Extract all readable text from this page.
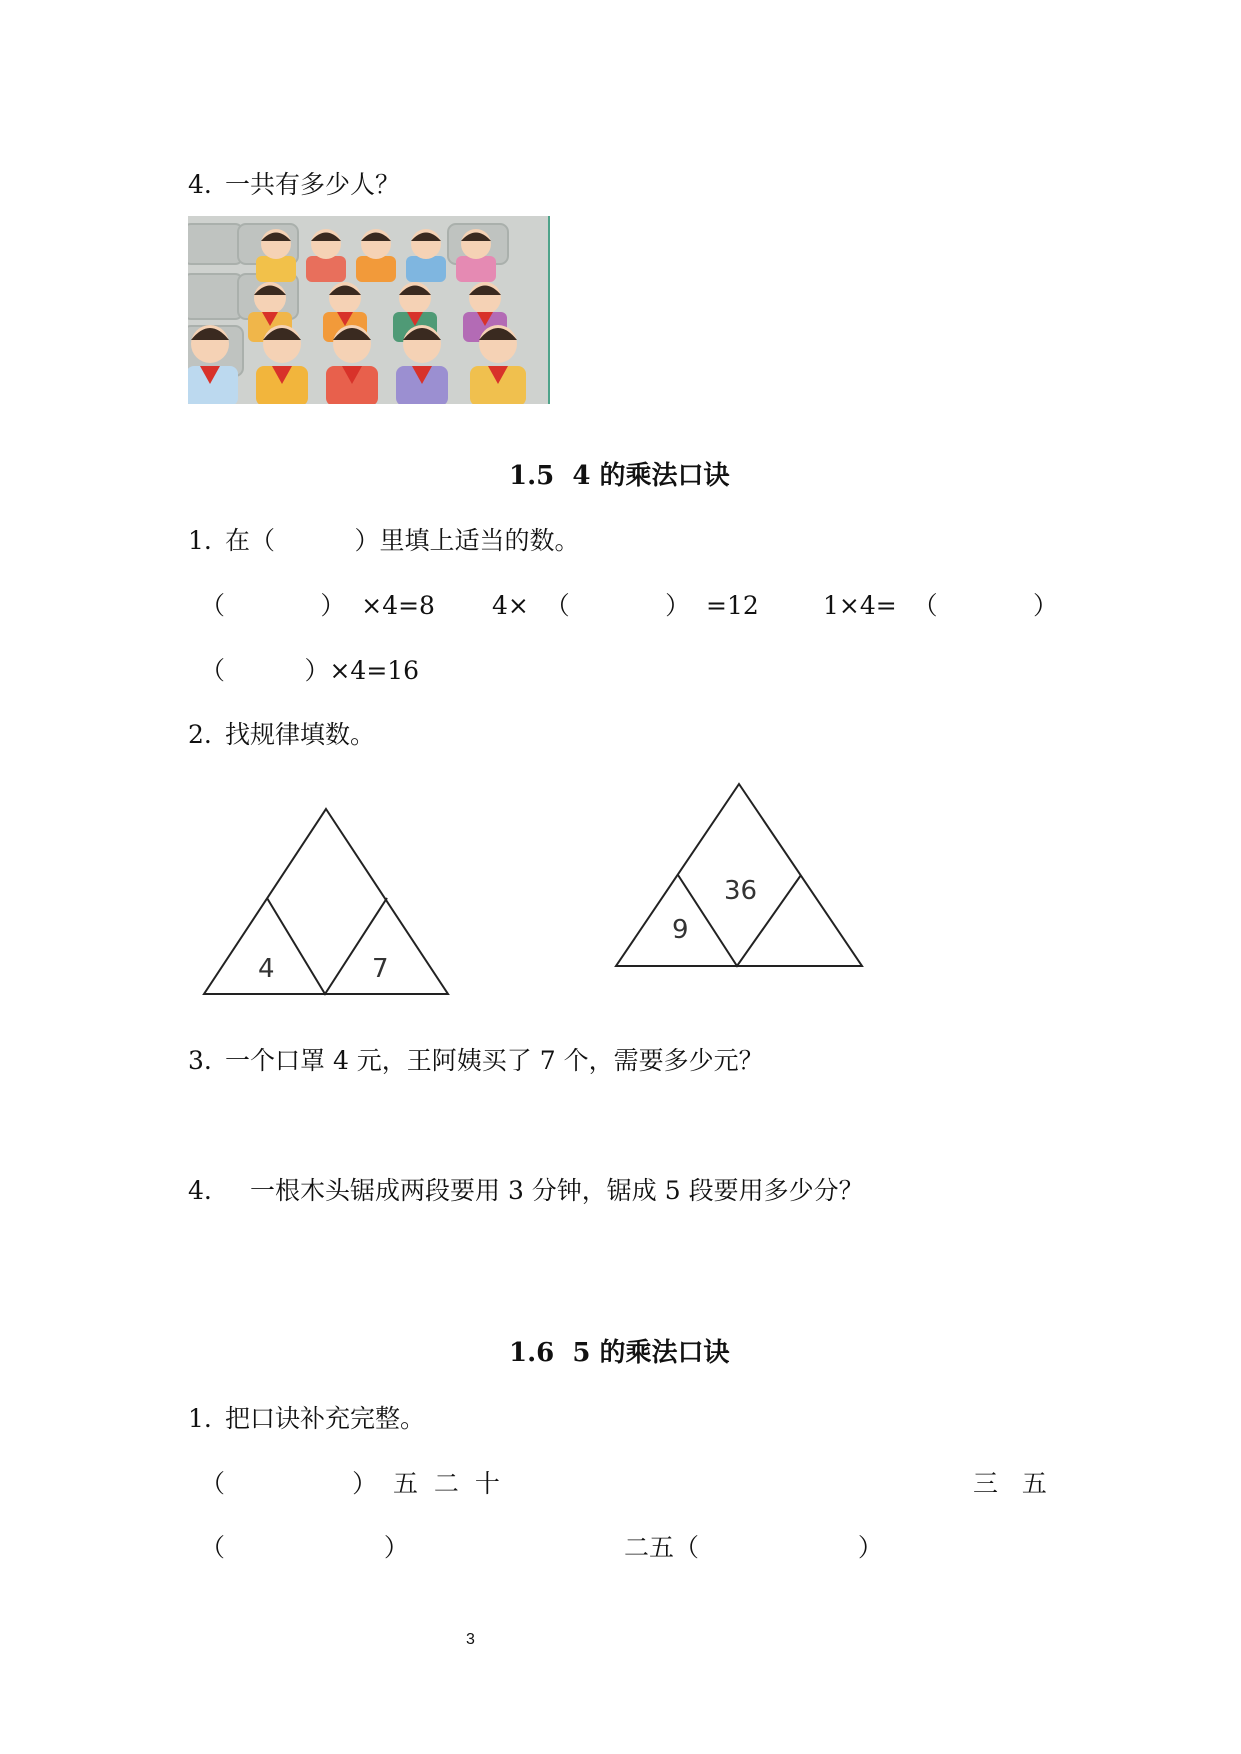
4. 一共有多少人？
1.5  4 的乘法口诀
1. 在（          ）里填上适当的数。
（            ）  ×4=8 4×  （            ）  =12	1×4=  （            ）
（          ）×4=16
2. 找规律填数。
4	7
36
9
3. 一个口罩 4 元，王阿姨买了 7 个，需要多少元？
4. 一根木头锯成两段要用 3 分钟，锯成 5 段要用多少分？
1.6  5 的乘法口诀
1. 把口诀补充完整。
（                ）  五  二  十	三   五
（                    ）	二五（                    ）
3
